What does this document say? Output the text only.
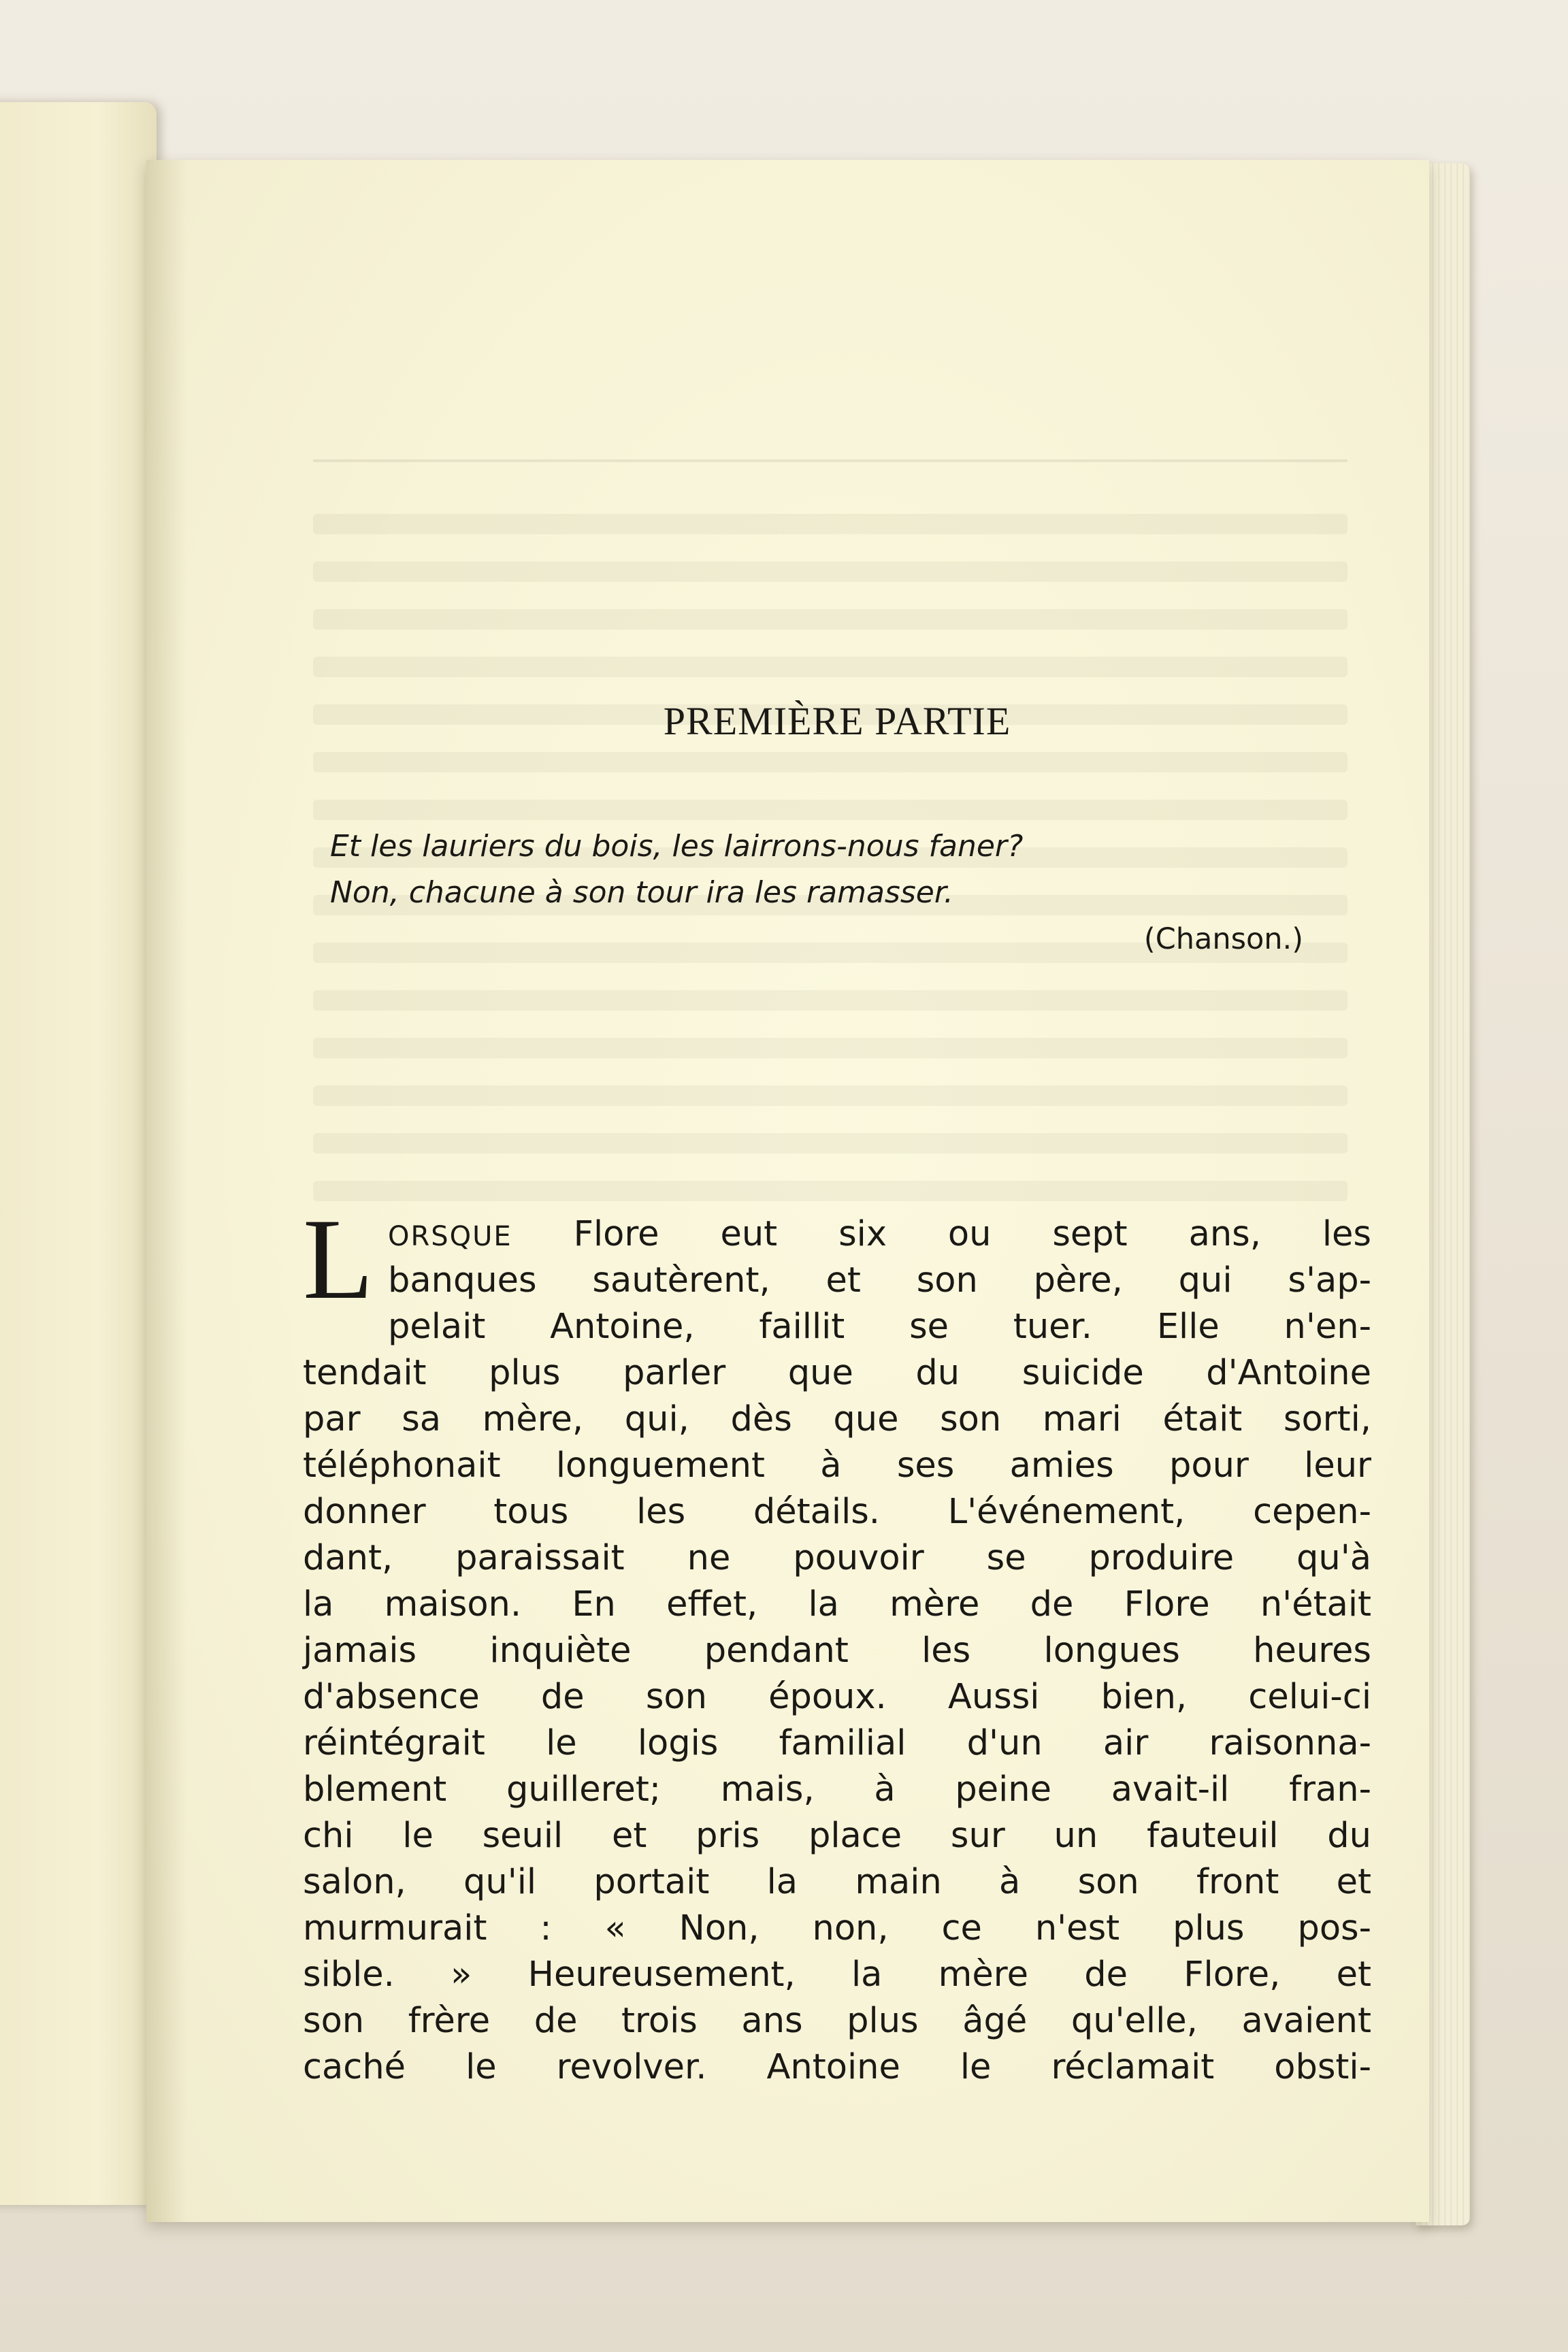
PREMIÈRE PARTIE
Et les lauriers du bois, les lairrons-nous faner?
Non, chacune à son tour ira les ramasser.
(Chanson.)
L ORSQUE Flore eut six ou sept ans, les
banques sautèrent, et son père, qui s'ap-
pelait Antoine, faillit se tuer. Elle n'en-
tendait plus parler que du suicide d'Antoine
par sa mère, qui, dès que son mari était sorti,
téléphonait longuement à ses amies pour leur
donner tous les détails. L'événement, cepen-
dant, paraissait ne pouvoir se produire qu'à
la maison. En effet, la mère de Flore n'était
jamais inquiète pendant les longues heures
d'absence de son époux. Aussi bien, celui-ci
réintégrait le logis familial d'un air raisonna-
blement guilleret; mais, à peine avait-il fran-
chi le seuil et pris place sur un fauteuil du
salon, qu'il portait la main à son front et
murmurait : « Non, non, ce n'est plus pos-
sible. » Heureusement, la mère de Flore, et
son frère de trois ans plus âgé qu'elle, avaient
caché le revolver. Antoine le réclamait obsti-
